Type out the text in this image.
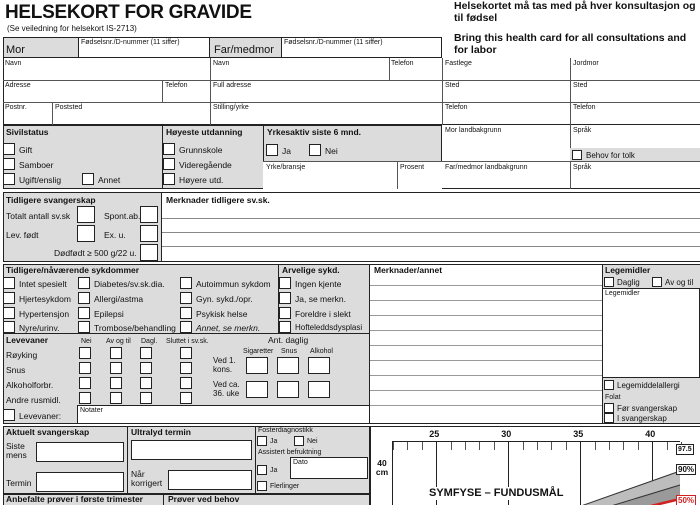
HELSEKORT FOR GRAVIDE
(Se veiledning for helsekort IS-2713)
Helsekortet må tas med på hver konsultasjon og til fødsel
Bring this health card for all consultations and for labor
Mor
Fødselsnr./D-nummer (11 siffer)
Far/medmor
Fødselsnr./D-nummer (11 siffer)
Navn	Navn	Telefon	Fastlege	Jordmor
Adresse	Telefon	Full adresse	Sted	Sted
Postnr.	Poststed	Stilling/yrke	Telefon	Telefon
Sivilstatus
Gift
Samboer
Ugift/enslig	Annet
Høyeste utdanning
Grunnskole
Videregående
Høyere utd.
Yrkesaktiv siste 6 mnd.
Ja	Nei
Yrke/bransje	Prosent
Mor landbakgrunn	Språk
Behov for tolk
Far/medmor landbakgrunn	Språk
Tidligere svangerskap
Totalt antall sv.sk	Spont.ab.
Lev. født	Ex. u.
Dødfødt ≥ 500 g/22 u.
Merknader tidligere sv.sk.
Tidligere/nåværende sykdommer
Intet spesielt
Hjertesykdom
Hypertensjon
Nyre/urinv.
Diabetes/sv.sk.dia.
Allergi/astma
Epilepsi
Trombose/behandling
Autoimmun sykdom
Gyn. sykd./opr.
Psykisk helse
Annet, se merkn.
Arvelige sykd.
Ingen kjente
Ja, se merkn.
Foreldre i slekt
Hofteleddsdysplasi
Levevaner	Nei Av og til Dagl. Sluttet i sv.sk.
Røyking
Snus
Alkoholforbr.
Andre rusmidl.
Ant. daglig
Sigaretter Snus Alkohol
Ved 1. kons.
Ved ca. 36. uke
Levevaner:
Notater
Merknader/annet	Legemidler
Daglig	Av og til
Legemidler
Legemiddelallergi
Folat
Før svangerskap
I svangerskap
Aktuelt svangerskap
Siste mens
Termin
Ultralyd termin
Når korrigert
Fosterdiagnostikk
Ja	Nei
Assistert befruktning
Ja
Dato
Flerlinger
Anbefalte prøver i første trimester	Prøver ved behov
25	30	35	40
40 cm
SYMFYSE – FUNDUSMÅL
97.5
90%
50%
